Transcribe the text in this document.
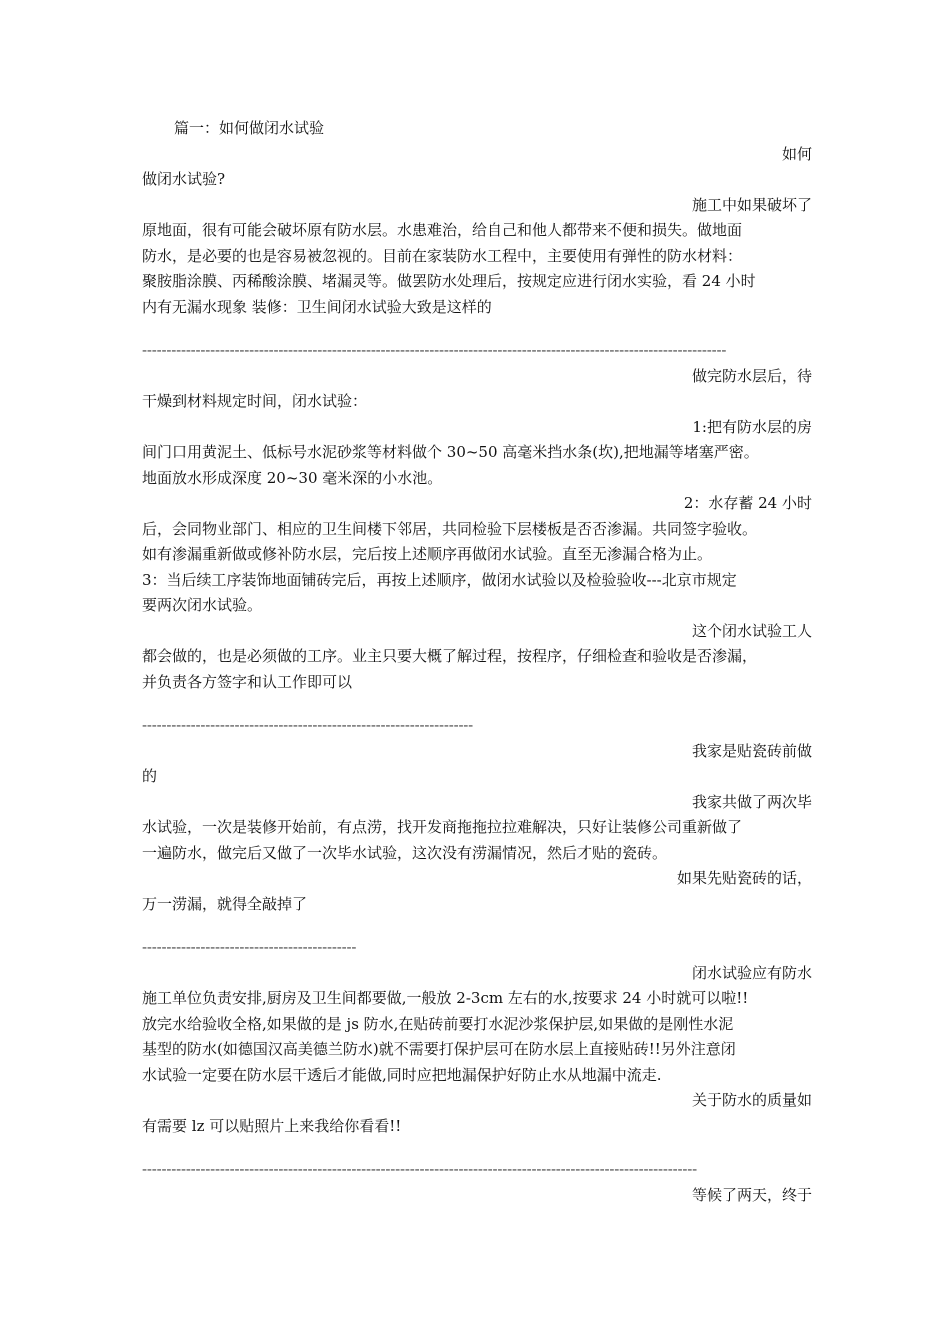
篇一：如何做闭水试验
如何
做闭水试验?
施工中如果破坏了
原地面，很有可能会破坏原有防水层。水患难治，给自己和他人都带来不便和损失。做地面
防水，是必要的也是容易被忽视的。目前在家装防水工程中，主要使用有弹性的防水材料：
聚胺脂涂膜、丙稀酸涂膜、堵漏灵等。做罢防水处理后，按规定应进行闭水实验，看 24 小时
内有无漏水现象 装修：卫生间闭水试验大致是这样的
------------------------------------------------------------------------------------------------------------------------
做完防水层后，待
干燥到材料规定时间，闭水试验：
1:把有防水层的房
间门口用黄泥土、低标号水泥砂浆等材料做个 30~50 高毫米挡水条(坎),把地漏等堵塞严密。
地面放水形成深度 20~30 毫米深的小水池。
2：水存蓄 24 小时
后，会同物业部门、相应的卫生间楼下邻居，共同检验下层楼板是否否渗漏。共同签字验收。
如有渗漏重新做或修补防水层，完后按上述顺序再做闭水试验。直至无渗漏合格为止。
3：当后续工序装饰地面铺砖完后，再按上述顺序，做闭水试验以及检验验收---北京市规定
要两次闭水试验。
这个闭水试验工人
都会做的，也是必须做的工序。业主只要大概了解过程，按程序，仔细检查和验收是否渗漏，
并负责各方签字和认工作即可以
--------------------------------------------------------------------
我家是贴瓷砖前做
的
我家共做了两次毕
水试验，一次是装修开始前，有点涝，找开发商拖拖拉拉难解决，只好让装修公司重新做了
一遍防水，做完后又做了一次毕水试验，这次没有涝漏情况，然后才贴的瓷砖。
如果先贴瓷砖的话，
万一涝漏，就得全敲掉了
--------------------------------------------
闭水试验应有防水
施工单位负责安排,厨房及卫生间都要做,一般放 2-3cm 左右的水,按要求 24 小时就可以啦!!
放完水给验收全格,如果做的是 js 防水,在贴砖前要打水泥沙浆保护层,如果做的是刚性水泥
基型的防水(如德国汉高美德兰防水)就不需要打保护层可在防水层上直接贴砖!!另外注意闭
水试验一定要在防水层干透后才能做,同时应把地漏保护好防止水从地漏中流走.
关于防水的质量如
有需要 lz 可以贴照片上来我给你看看!!
------------------------------------------------------------------------------------------------------------------
等候了两天，终于
